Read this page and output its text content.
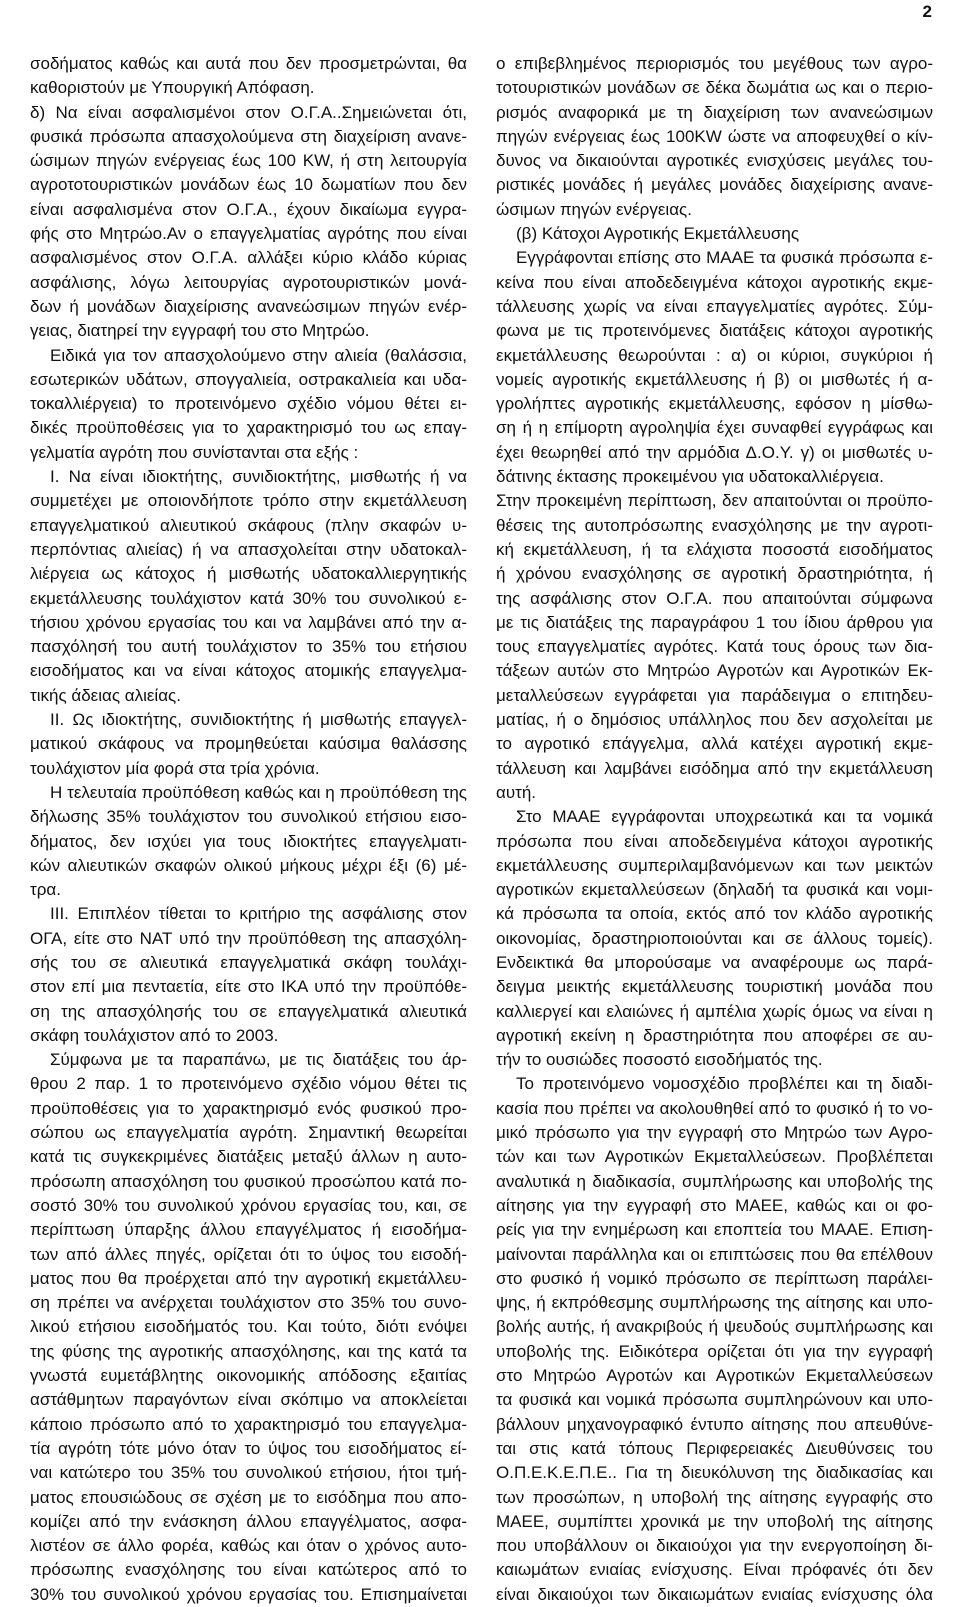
2
σοδήματος καθώς και αυτά που δεν προσμετρώνται, θα
καθοριστούν με Υπουργική Απόφαση.
δ) Να είναι ασφαλισμένοι στον Ο.Γ.Α..Σημειώνεται ότι,
φυσικά πρόσωπα απασχολούμενα στη διαχείριση ανανε-
ώσιμων πηγών ενέργειας έως 100 KW, ή στη λειτουργία
αγροτοτουριστικών μονάδων έως 10 δωματίων που δεν
είναι ασφαλισμένα στον Ο.Γ.Α., έχουν δικαίωμα εγγρα-
φής στο Μητρώο.Αν ο επαγγελματίας αγρότης που είναι
ασφαλισμένος στον Ο.Γ.Α. αλλάξει κύριο κλάδο κύριας
ασφάλισης, λόγω λειτουργίας αγροτουριστικών μονά-
δων ή μονάδων διαχείρισης ανανεώσιμων πηγών ενέρ-
γειας, διατηρεί την εγγραφή του στο Μητρώο.
Ειδικά για τον απασχολούμενο στην αλιεία (θαλάσσια,
εσωτερικών υδάτων, σπογγαλιεία, οστρακαλιεία και υδα-
τοκαλλιέργεια) το προτεινόμενο σχέδιο νόμου θέτει ει-
δικές προϋποθέσεις για το χαρακτηρισμό του ως επαγ-
γελματία αγρότη που συνίστανται στα εξής :
Ι. Να είναι ιδιοκτήτης, συνιδιοκτήτης, μισθωτής ή να
συμμετέχει με οποιονδήποτε τρόπο στην εκμετάλλευση
επαγγελματικού αλιευτικού σκάφους (πλην σκαφών υ-
περπόντιας αλιείας) ή να απασχολείται στην υδατοκαλ-
λιέργεια ως κάτοχος ή μισθωτής υδατοκαλλιεργητικής
εκμετάλλευσης τουλάχιστον κατά 30% του συνολικού ε-
τήσιου χρόνου εργασίας του και να λαμβάνει από την α-
πασχόλησή του αυτή τουλάχιστον το 35% του ετήσιου
εισοδήματος και να είναι κάτοχος ατομικής επαγγελμα-
τικής άδειας αλιείας.
ΙΙ. Ως ιδιοκτήτης, συνιδιοκτήτης ή μισθωτής επαγγελ-
ματικού σκάφους να προμηθεύεται καύσιμα θαλάσσης
τουλάχιστον μία φορά στα τρία χρόνια.
Η τελευταία προϋπόθεση καθώς και η προϋπόθεση της
δήλωσης 35% τουλάχιστον του συνολικού ετήσιου εισο-
δήματος, δεν ισχύει για τους ιδιοκτήτες επαγγελματι-
κών αλιευτικών σκαφών ολικού μήκους μέχρι έξι (6) μέ-
τρα.
ΙΙΙ. Επιπλέον τίθεται το κριτήριο της ασφάλισης στον
ΟΓΑ, είτε στο ΝΑΤ υπό την προϋπόθεση της απασχόλη-
σής του σε αλιευτικά επαγγελματικά σκάφη τουλάχι-
στον επί μια πενταετία, είτε στο ΙΚΑ υπό την προϋπόθε-
ση της απασχόλησής του σε επαγγελματικά αλιευτικά
σκάφη τουλάχιστον από το 2003.
Σύμφωνα με τα παραπάνω, με τις διατάξεις του άρ-
θρου 2 παρ. 1 το προτεινόμενο σχέδιο νόμου θέτει τις
προϋποθέσεις για το χαρακτηρισμό ενός φυσικού προ-
σώπου ως επαγγελματία αγρότη. Σημαντική θεωρείται
κατά τις συγκεκριμένες διατάξεις μεταξύ άλλων η αυτο-
πρόσωπη απασχόληση του φυσικού προσώπου κατά πο-
σοστό 30% του συνολικού χρόνου εργασίας του, και, σε
περίπτωση ύπαρξης άλλου επαγγέλματος ή εισοδήμα-
των από άλλες πηγές, ορίζεται ότι το ύψος του εισοδή-
ματος που θα προέρχεται από την αγροτική εκμετάλλευ-
ση πρέπει να ανέρχεται τουλάχιστον στο 35% του συνο-
λικού ετήσιου εισοδήματός του. Και τούτο, διότι ενόψει
της φύσης της αγροτικής απασχόλησης, και της κατά τα
γνωστά ευμετάβλητης οικονομικής απόδοσης εξαιτίας
αστάθμητων παραγόντων είναι σκόπιμο να αποκλείεται
κάποιο πρόσωπο από το χαρακτηρισμό του επαγγελμα-
τία αγρότη τότε μόνο όταν το ύψος του εισοδήματος εί-
ναι κατώτερο του 35% του συνολικού ετήσιου, ήτοι τμή-
ματος επουσιώδους σε σχέση με το εισόδημα που απο-
κομίζει από την ενάσκηση άλλου επαγγέλματος, ασφα-
λιστέον σε άλλο φορέα, καθώς και όταν ο χρόνος αυτο-
πρόσωπης ενασχόλησης του είναι κατώτερος από το
30% του συνολικού χρόνου εργασίας του. Επισημαίνεται
ο επιβεβλημένος περιορισμός του μεγέθους των αγρο-
τοτουριστικών μονάδων σε δέκα δωμάτια ως και ο περιο-
ρισμός αναφορικά με τη διαχείριση των ανανεώσιμων
πηγών ενέργειας έως 100KW ώστε να αποφευχθεί ο κίν-
δυνος να δικαιούνται αγροτικές ενισχύσεις μεγάλες του-
ριστικές μονάδες ή μεγάλες μονάδες διαχείρισης ανανε-
ώσιμων πηγών ενέργειας.
(β) Κάτοχοι Αγροτικής Εκμετάλλευσης
Εγγράφονται επίσης στο ΜΑΑΕ τα φυσικά πρόσωπα ε-
κείνα που είναι αποδεδειγμένα κάτοχοι αγροτικής εκμε-
τάλλευσης χωρίς να είναι επαγγελματίες αγρότες. Σύμ-
φωνα με τις προτεινόμενες διατάξεις κάτοχοι αγροτικής
εκμετάλλευσης θεωρούνται : α) οι κύριοι, συγκύριοι ή
νομείς αγροτικής εκμετάλλευσης ή β) οι μισθωτές ή α-
γρολήπτες αγροτικής εκμετάλλευσης, εφόσον η μίσθω-
ση ή η επίμορτη αγροληψία έχει συναφθεί εγγράφως και
έχει θεωρηθεί από την αρμόδια Δ.Ο.Υ. γ) οι μισθωτές υ-
δάτινης έκτασης προκειμένου για υδατοκαλλιέργεια.
Στην προκειμένη περίπτωση, δεν απαιτούνται οι προϋπο-
θέσεις της αυτοπρόσωπης ενασχόλησης με την αγροτι-
κή εκμετάλλευση, ή τα ελάχιστα ποσοστά εισοδήματος
ή χρόνου ενασχόλησης σε αγροτική δραστηριότητα, ή
της ασφάλισης στον Ο.Γ.Α. που απαιτούνται σύμφωνα
με τις διατάξεις της παραγράφου 1 του ίδιου άρθρου για
τους επαγγελματίες αγρότες. Κατά τους όρους των δια-
τάξεων αυτών στο Μητρώο Αγροτών και Αγροτικών Εκ-
μεταλλεύσεων εγγράφεται για παράδειγμα ο επιτηδευ-
ματίας, ή ο δημόσιος υπάλληλος που δεν ασχολείται με
το αγροτικό επάγγελμα, αλλά κατέχει αγροτική εκμε-
τάλλευση και λαμβάνει εισόδημα από την εκμετάλλευση
αυτή.
Στο ΜΑΑΕ εγγράφονται υποχρεωτικά και τα νομικά
πρόσωπα που είναι αποδεδειγμένα κάτοχοι αγροτικής
εκμετάλλευσης συμπεριλαμβανόμενων και των μεικτών
αγροτικών εκμεταλλεύσεων (δηλαδή τα φυσικά και νομι-
κά πρόσωπα τα οποία, εκτός από τον κλάδο αγροτικής
οικονομίας, δραστηριοποιούνται και σε άλλους τομείς).
Ενδεικτικά θα μπορούσαμε να αναφέρουμε ως παρά-
δειγμα μεικτής εκμετάλλευσης τουριστική μονάδα που
καλλιεργεί και ελαιώνες ή αμπέλια χωρίς όμως να είναι η
αγροτική εκείνη η δραστηριότητα που αποφέρει σε αυ-
τήν το ουσιώδες ποσοστό εισοδήματός της.
Το προτεινόμενο νομοσχέδιο προβλέπει και τη διαδι-
κασία που πρέπει να ακολουθηθεί από το φυσικό ή το νο-
μικό πρόσωπο για την εγγραφή στο Μητρώο των Αγρο-
τών και των Αγροτικών Εκμεταλλεύσεων. Προβλέπεται
αναλυτικά η διαδικασία, συμπλήρωσης και υποβολής της
αίτησης για την εγγραφή στο ΜΑΕΕ, καθώς και οι φο-
ρείς για την ενημέρωση και εποπτεία του ΜΑΑΕ. Επιση-
μαίνονται παράλληλα και οι επιπτώσεις που θα επέλθουν
στο φυσικό ή νομικό πρόσωπο σε περίπτωση παράλει-
ψης, ή εκπρόθεσμης συμπλήρωσης της αίτησης και υπο-
βολής αυτής, ή ανακριβούς ή ψευδούς συμπλήρωσης και
υποβολής της. Ειδικότερα ορίζεται ότι για την εγγραφή
στο Μητρώο Αγροτών και Αγροτικών Εκμεταλλεύσεων
τα φυσικά και νομικά πρόσωπα συμπληρώνουν και υπο-
βάλλουν μηχανογραφικό έντυπο αίτησης που απευθύνε-
ται στις κατά τόπους Περιφερειακές Διευθύνσεις του
Ο.Π.Ε.Κ.Ε.Π.Ε.. Για τη διευκόλυνση της διαδικασίας και
των προσώπων, η υποβολή της αίτησης εγγραφής στο
ΜΑΕΕ, συμπίπτει χρονικά με την υποβολή της αίτησης
που υποβάλλουν οι δικαιούχοι για την ενεργοποίηση δι-
καιωμάτων ενιαίας ενίσχυσης. Είναι πρόφανές ότι δεν
είναι δικαιούχοι των δικαιωμάτων ενιαίας ενίσχυσης όλα
